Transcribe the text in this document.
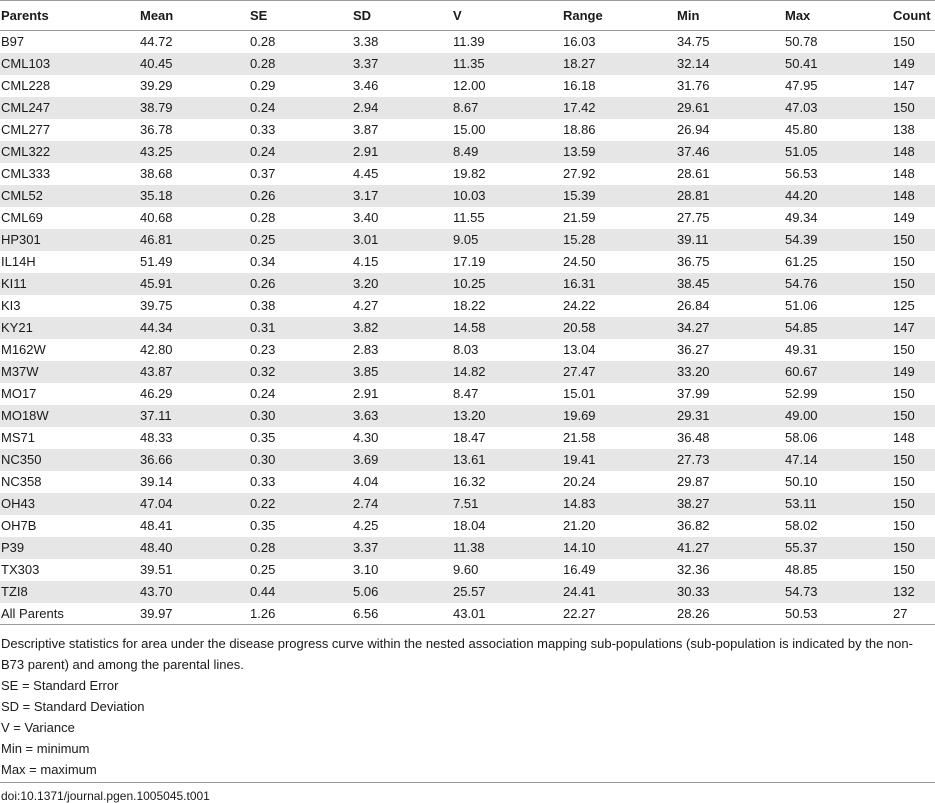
Parents	Mean	SE	SD	V	Range	Min	Max	Count
B97	44.72	0.28	3.38	11.39	16.03	34.75	50.78	150
CML103	40.45	0.28	3.37	11.35	18.27	32.14	50.41	149
CML228	39.29	0.29	3.46	12.00	16.18	31.76	47.95	147
CML247	38.79	0.24	2.94	8.67	17.42	29.61	47.03	150
CML277	36.78	0.33	3.87	15.00	18.86	26.94	45.80	138
CML322	43.25	0.24	2.91	8.49	13.59	37.46	51.05	148
CML333	38.68	0.37	4.45	19.82	27.92	28.61	56.53	148
CML52	35.18	0.26	3.17	10.03	15.39	28.81	44.20	148
CML69	40.68	0.28	3.40	11.55	21.59	27.75	49.34	149
HP301	46.81	0.25	3.01	9.05	15.28	39.11	54.39	150
IL14H	51.49	0.34	4.15	17.19	24.50	36.75	61.25	150
KI11	45.91	0.26	3.20	10.25	16.31	38.45	54.76	150
KI3	39.75	0.38	4.27	18.22	24.22	26.84	51.06	125
KY21	44.34	0.31	3.82	14.58	20.58	34.27	54.85	147
M162W	42.80	0.23	2.83	8.03	13.04	36.27	49.31	150
M37W	43.87	0.32	3.85	14.82	27.47	33.20	60.67	149
MO17	46.29	0.24	2.91	8.47	15.01	37.99	52.99	150
MO18W	37.11	0.30	3.63	13.20	19.69	29.31	49.00	150
MS71	48.33	0.35	4.30	18.47	21.58	36.48	58.06	148
NC350	36.66	0.30	3.69	13.61	19.41	27.73	47.14	150
NC358	39.14	0.33	4.04	16.32	20.24	29.87	50.10	150
OH43	47.04	0.22	2.74	7.51	14.83	38.27	53.11	150
OH7B	48.41	0.35	4.25	18.04	21.20	36.82	58.02	150
P39	48.40	0.28	3.37	11.38	14.10	41.27	55.37	150
TX303	39.51	0.25	3.10	9.60	16.49	32.36	48.85	150
TZI8	43.70	0.44	5.06	25.57	24.41	30.33	54.73	132
All Parents	39.97	1.26	6.56	43.01	22.27	28.26	50.53	27

Descriptive statistics for area under the disease progress curve within the nested association mapping sub-populations (sub-population is indicated by the non-B73 parent) and among the parental lines.

SE = Standard Error

SD = Standard Deviation

V = Variance

Min = minimum

Max = maximum

doi:10.1371/journal.pgen.1005045.t001
